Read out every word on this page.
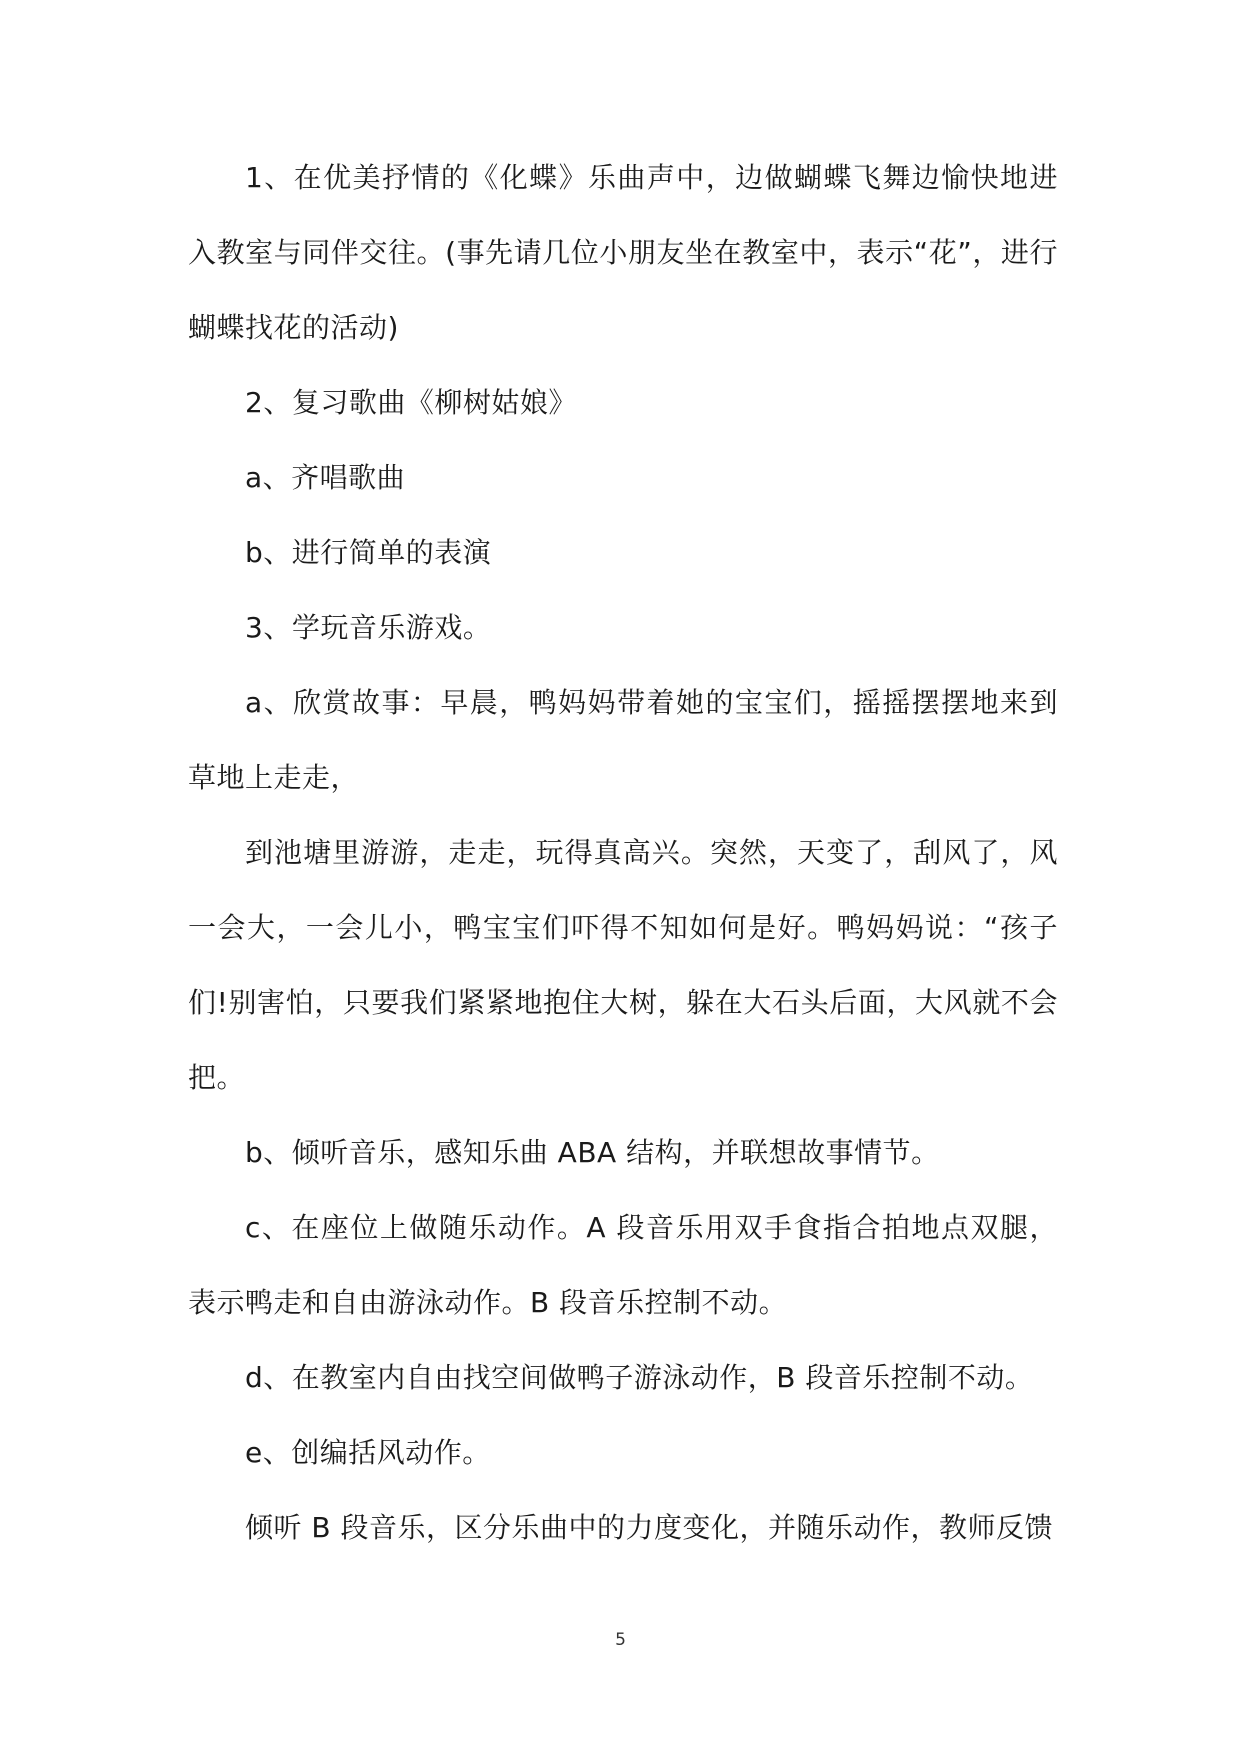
1、在优美抒情的《化蝶》乐曲声中，边做蝴蝶飞舞边愉快地进入教室与同伴交往。(事先请几位小朋友坐在教室中，表示“花”，进行蝴蝶找花的活动)

2、复习歌曲《柳树姑娘》

a、齐唱歌曲

b、进行简单的表演

3、学玩音乐游戏。

a、欣赏故事：早晨，鸭妈妈带着她的宝宝们，摇摇摆摆地来到草地上走走，

到池塘里游游，走走，玩得真高兴。突然，天变了，刮风了，风一会大，一会儿小，鸭宝宝们吓得不知如何是好。鸭妈妈说：“孩子们!别害怕，只要我们紧紧地抱住大树，躲在大石头后面，大风就不会把。

b、倾听音乐，感知乐曲 ABA 结构，并联想故事情节。

c、在座位上做随乐动作。A 段音乐用双手食指合拍地点双腿，表示鸭走和自由游泳动作。B 段音乐控制不动。

d、在教室内自由找空间做鸭子游泳动作，B 段音乐控制不动。

e、创编括风动作。

倾听 B 段音乐，区分乐曲中的力度变化，并随乐动作，教师反馈

5
